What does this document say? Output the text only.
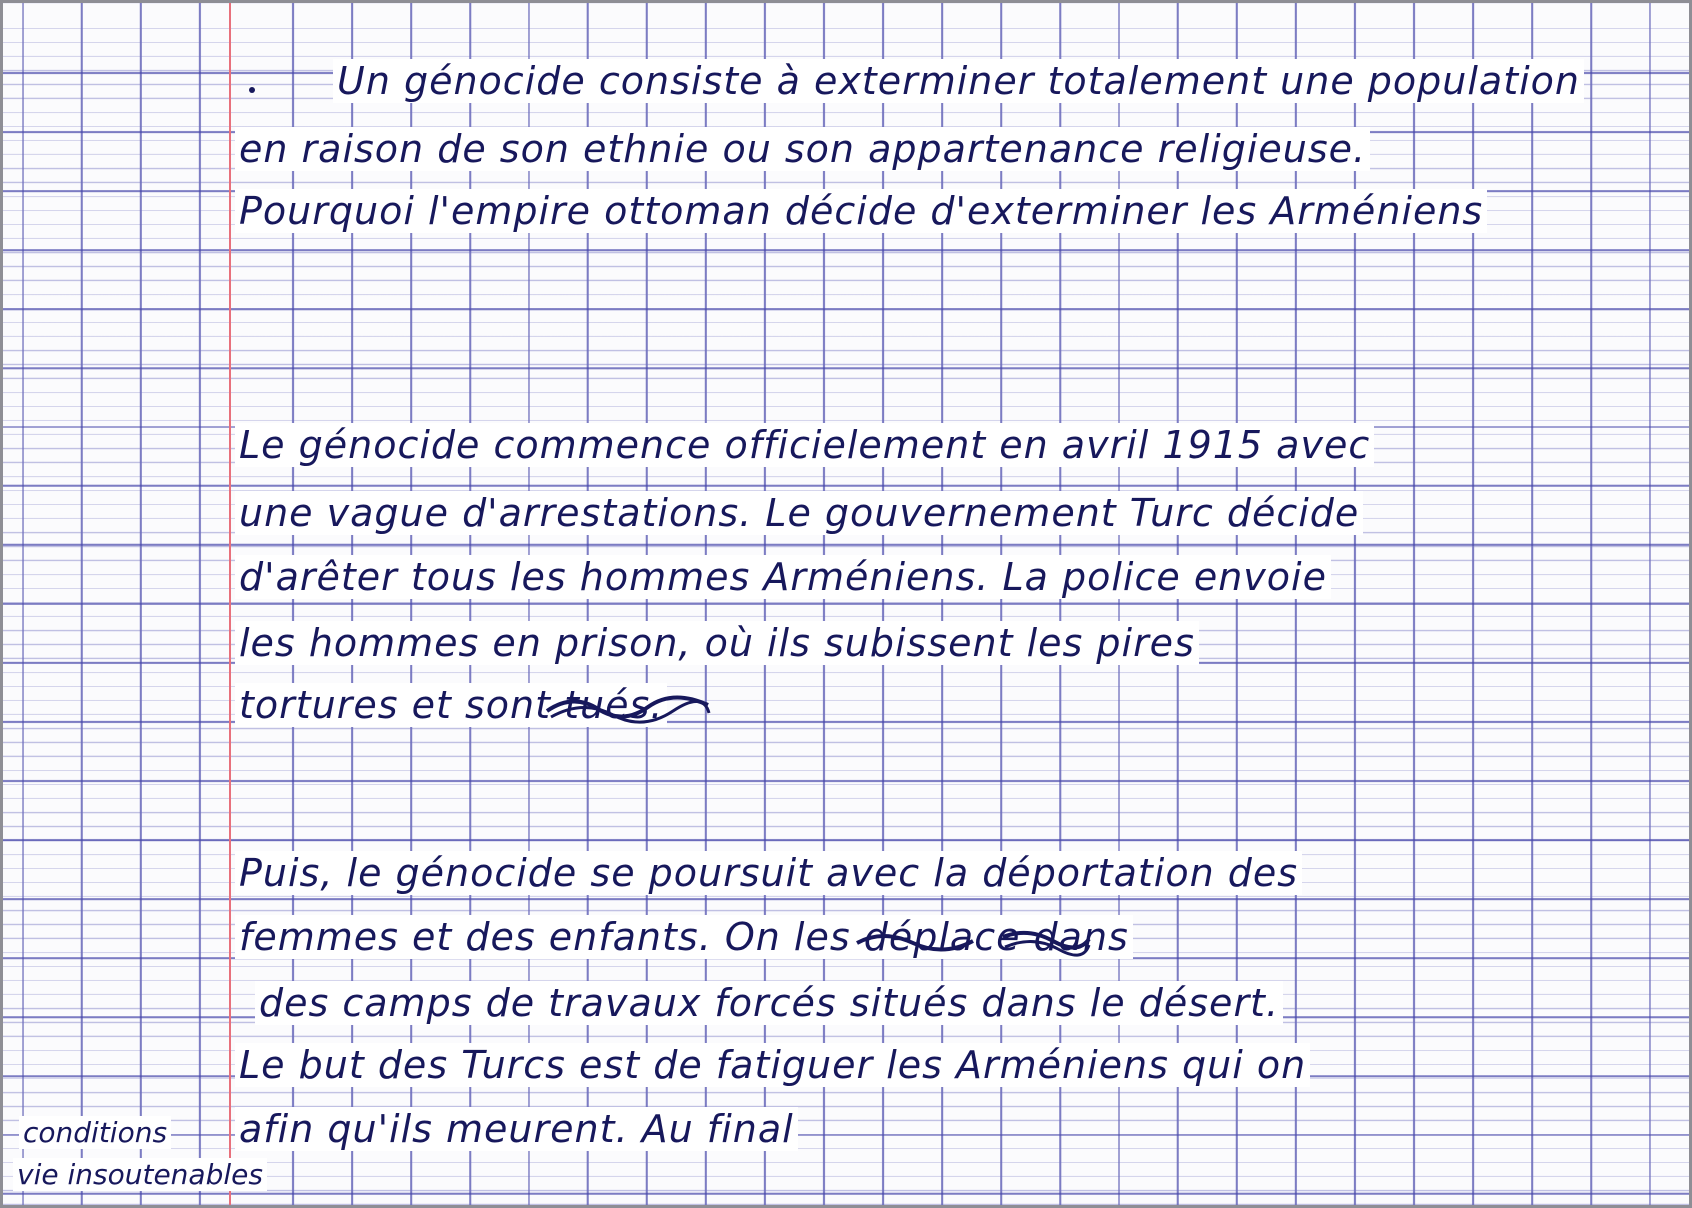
Un génocide consiste à exterminer totalement une population
en raison de son ethnie ou son appartenance religieuse.
Pourquoi l'empire ottoman décide d'exterminer les Arméniens
Le génocide commence officielement en avril 1915 avec
une vague d'arrestations. Le gouvernement Turc décide
d'arêter tous les hommes Arméniens. La police envoie
les hommes en prison, où ils subissent les pires
tortures et sont tués.
Puis, le génocide se poursuit avec la déportation des
femmes et des enfants. On les déplace dans
des camps de travaux forcés situés dans le désert.
Le but des Turcs est de fatiguer les Arméniens qui on
afin qu'ils meurent. Au final
conditions
vie insoutenables
